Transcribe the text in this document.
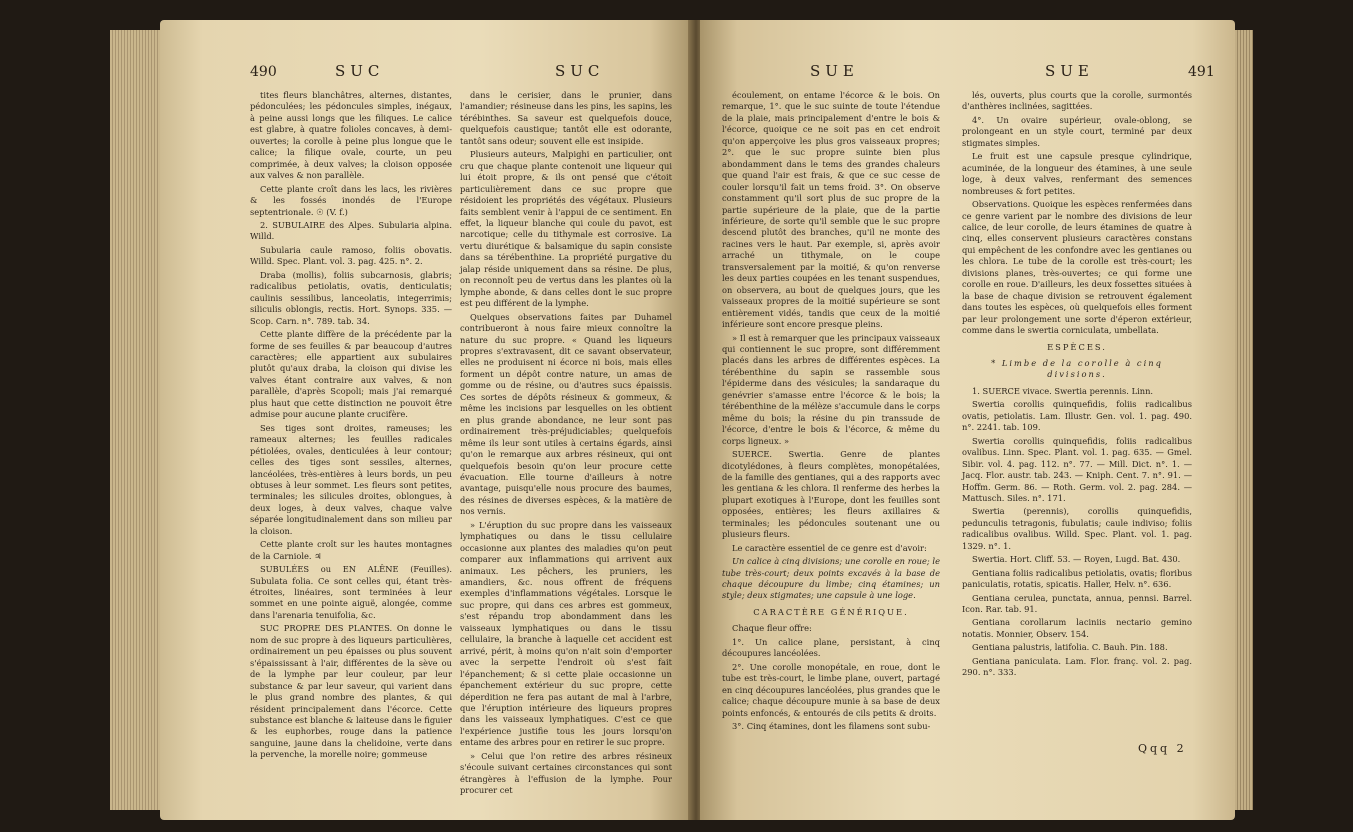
490	SUC	SUC

tites fleurs blanchâtres, alternes, distantes, pédonculées; les pédoncules simples, inégaux, à peine aussi longs que les filiques. Le calice est glabre, à quatre folioles concaves, à demi-ouvertes; la corolle à peine plus longue que le calice; la filique ovale, courte, un peu comprimée, à deux valves; la cloison opposée aux valves & non parallèle.

Cette plante croît dans les lacs, les rivières & les fossés inondés de l'Europe septentrionale. ☉ (V. f.)

2. SUBULAIRE des Alpes. Subularia alpina. Willd.

Subularia caule ramoso, foliis obovatis. Willd. Spec. Plant. vol. 3. pag. 425. n°. 2.

Draba (mollis), foliis subcarnosis, glabris; radicalibus petiolatis, ovatis, denticulatis; caulinis sessilibus, lanceolatis, integerrimis; siliculis oblongis, rectis. Hort. Synops. 335. — Scop. Carn. n°. 789. tab. 34.

Cette plante diffère de la précédente par la forme de ses feuilles & par beaucoup d'autres caractères; elle appartient aux subulaires plutôt qu'aux draba, la cloison qui divise les valves étant contraire aux valves, & non parallèle, d'après Scopoli; mais j'ai remarqué plus haut que cette distinction ne pouvoit être admise pour aucune plante crucifère.

Ses tiges sont droites, rameuses; les rameaux alternes; les feuilles radicales pétiolées, ovales, denticulées à leur contour; celles des tiges sont sessiles, alternes, lancéolées, très-entières à leurs bords, un peu obtuses à leur sommet. Les fleurs sont petites, terminales; les silicules droites, oblongues, à deux loges, à deux valves, chaque valve séparée longitudinalement dans son milieu par la cloison.

Cette plante croît sur les hautes montagnes de la Carniole. ♃

SUBULÉES ou EN ALÊNE (Feuilles). Subulata folia. Ce sont celles qui, étant très-étroites, linéaires, sont terminées à leur sommet en une pointe aiguë, alongée, comme dans l'arenaria tenuifolia, &c.

SUC PROPRE DES PLANTES. On donne le nom de suc propre à des liqueurs particulières, ordinairement un peu épaisses ou plus souvent s'épaississant à l'air, différentes de la sève ou de la lymphe par leur couleur, par leur substance & par leur saveur, qui varient dans le plus grand nombre des plantes, & qui résident principalement dans l'écorce. Cette substance est blanche & laiteuse dans le figuier & les euphorbes, rouge dans la patience sanguine, jaune dans la chelidoine, verte dans la pervenche, la morelle noire; gommeuse

dans le cerisier, dans le prunier, dans l'amandier; résineuse dans les pins, les sapins, les térébinthes. Sa saveur est quelquefois douce, quelquefois caustique; tantôt elle est odorante, tantôt sans odeur; souvent elle est insipide.

Plusieurs auteurs, Malpighi en particulier, ont cru que chaque plante contenoit une liqueur qui lui étoit propre, & ils ont pensé que c'étoit particulièrement dans ce suc propre que résidoient les propriétés des végétaux. Plusieurs faits semblent venir à l'appui de ce sentiment. En effet, la liqueur blanche qui coule du pavot, est narcotique; celle du tithymale est corrosive. La vertu diurétique & balsamique du sapin consiste dans sa térébenthine. La propriété purgative du jalap réside uniquement dans sa résine. De plus, on reconnoît peu de vertus dans les plantes où la lymphe abonde, & dans celles dont le suc propre est peu différent de la lymphe.

Quelques observations faites par Duhamel contribueront à nous faire mieux connoître la nature du suc propre. « Quand les liqueurs propres s'extravasent, dit ce savant observateur, elles ne produisent ni écorce ni bois, mais elles forment un dépôt contre nature, un amas de gomme ou de résine, ou d'autres sucs épaissis. Ces sortes de dépôts résineux & gommeux, & même les incisions par lesquelles on les obtient en plus grande abondance, ne leur sont pas ordinairement très-préjudiciables; quelquefois même ils leur sont utiles à certains égards, ainsi qu'on le remarque aux arbres résineux, qui ont quelquefois besoin qu'on leur procure cette évacuation. Elle tourne d'ailleurs à notre avantage, puisqu'elle nous procure des baumes, des résines de diverses espèces, & la matière de nos vernis.

» L'éruption du suc propre dans les vaisseaux lymphatiques ou dans le tissu cellulaire occasionne aux plantes des maladies qu'on peut comparer aux inflammations qui arrivent aux animaux. Les pêchers, les pruniers, les amandiers, &c. nous offrent de fréquens exemples d'inflammations végétales. Lorsque le suc propre, qui dans ces arbres est gommeux, s'est répandu trop abondamment dans les vaisseaux lymphatiques ou dans le tissu cellulaire, la branche à laquelle cet accident est arrivé, périt, à moins qu'on n'ait soin d'emporter avec la serpette l'endroit où s'est fait l'épanchement; & si cette plaie occasionne un épanchement extérieur du suc propre, cette déperdition ne fera pas autant de mal à l'arbre, que l'éruption intérieure des liqueurs propres dans les vaisseaux lymphatiques. C'est ce que l'expérience justifie tous les jours lorsqu'on entame des arbres pour en retirer le suc propre.

» Celui que l'on retire des arbres résineux s'écoule suivant certaines circonstances qui sont étrangères à l'effusion de la lymphe. Pour procurer cet

SUE	SUE	491

écoulement, on entame l'écorce & le bois. On remarque, 1°. que le suc suinte de toute l'étendue de la plaie, mais principalement d'entre le bois & l'écorce, quoique ce ne soit pas en cet endroit qu'on apperçoive les plus gros vaisseaux propres; 2°. que le suc propre suinte bien plus abondamment dans le tems des grandes chaleurs que quand l'air est frais, & que ce suc cesse de couler lorsqu'il fait un tems froid. 3°. On observe constamment qu'il sort plus de suc propre de la partie supérieure de la plaie, que de la partie inférieure, de sorte qu'il semble que le suc propre descend plutôt des branches, qu'il ne monte des racines vers le haut. Par exemple, si, après avoir arraché un tithymale, on le coupe transversalement par la moitié, & qu'on renverse les deux parties coupées en les tenant suspendues, on observera, au bout de quelques jours, que les vaisseaux propres de la moitié supérieure se sont entièrement vidés, tandis que ceux de la moitié inférieure sont encore presque pleins.

» Il est à remarquer que les principaux vaisseaux qui contiennent le suc propre, sont différemment placés dans les arbres de différentes espèces. La térébenthine du sapin se rassemble sous l'épiderme dans des vésicules; la sandaraque du genévrier s'amasse entre l'écorce & le bois; la térébenthine de la mélèze s'accumule dans le corps même du bois; la résine du pin transsude de l'écorce, d'entre le bois & l'écorce, & même du corps ligneux. »

SUERCE. Swertia. Genre de plantes dicotylédones, à fleurs complètes, monopétalées, de la famille des gentianes, qui a des rapports avec les gentiana & les chlora. Il renferme des herbes la plupart exotiques à l'Europe, dont les feuilles sont opposées, entières; les fleurs axillaires & terminales; les pédoncules soutenant une ou plusieurs fleurs.

Le caractère essentiel de ce genre est d'avoir:

Un calice à cinq divisions; une corolle en roue; le tube très-court; deux points excavés à la base de chaque découpure du limbe; cinq étamines; un style; deux stigmates; une capsule à une loge.

CARACTÈRE GÉNÉRIQUE.

Chaque fleur offre:

1°. Un calice plane, persistant, à cinq découpures lancéolées.

2°. Une corolle monopétale, en roue, dont le tube est très-court, le limbe plane, ouvert, partagé en cinq découpures lancéolées, plus grandes que le calice; chaque découpure munie à sa base de deux points enfoncés, & entourés de cils petits & droits.

3°. Cinq étamines, dont les filamens sont subu-

lés, ouverts, plus courts que la corolle, surmontés d'anthères inclinées, sagittées.

4°. Un ovaire supérieur, ovale-oblong, se prolongeant en un style court, terminé par deux stigmates simples.

Le fruit est une capsule presque cylindrique, acuminée, de la longueur des étamines, à une seule loge, à deux valves, renfermant des semences nombreuses & fort petites.

Observations. Quoique les espèces renfermées dans ce genre varient par le nombre des divisions de leur calice, de leur corolle, de leurs étamines de quatre à cinq, elles conservent plusieurs caractères constans qui empêchent de les confondre avec les gentianes ou les chlora. Le tube de la corolle est très-court; les divisions planes, très-ouvertes; ce qui forme une corolle en roue. D'ailleurs, les deux fossettes situées à la base de chaque division se retrouvent également dans toutes les espèces, où quelquefois elles forment par leur prolongement une sorte d'éperon extérieur, comme dans le swertia corniculata, umbellata.

ESPÈCES.

* Limbe de la corolle à cinq divisions.

1. SUERCE vivace. Swertia perennis. Linn.

Swertia corollis quinquefidis, foliis radicalibus ovatis, petiolatis. Lam. Illustr. Gen. vol. 1. pag. 490. n°. 2241. tab. 109.

Swertia corollis quinquefidis, foliis radicalibus ovalibus. Linn. Spec. Plant. vol. 1. pag. 635. — Gmel. Sibir. vol. 4. pag. 112. n°. 77. — Mill. Dict. n°. 1. — Jacq. Flor. austr. tab. 243. — Kniph. Cent. 7. n°. 91. — Hoffm. Germ. 86. — Roth. Germ. vol. 2. pag. 284. — Mattusch. Siles. n°. 171.

Swertia (perennis), corollis quinquefidis, pedunculis tetragonis, fubulatis; caule indiviso; foliis radicalibus ovalibus. Willd. Spec. Plant. vol. 1. pag. 1329. n°. 1.

Swertia. Hort. Cliff. 53. — Royen, Lugd. Bat. 430.

Gentiana foliis radicalibus petiolatis, ovatis; floribus paniculatis, rotatis, spicatis. Haller, Helv. n°. 636.

Gentiana cerulea, punctata, annua, pennsi. Barrel. Icon. Rar. tab. 91.

Gentiana corollarum laciniis nectario gemino notatis. Monnier, Observ. 154.

Gentiana palustris, latifolia. C. Bauh. Pin. 188.

Gentiana paniculata. Lam. Flor. franç. vol. 2. pag. 290. n°. 333.

Qqq 2
